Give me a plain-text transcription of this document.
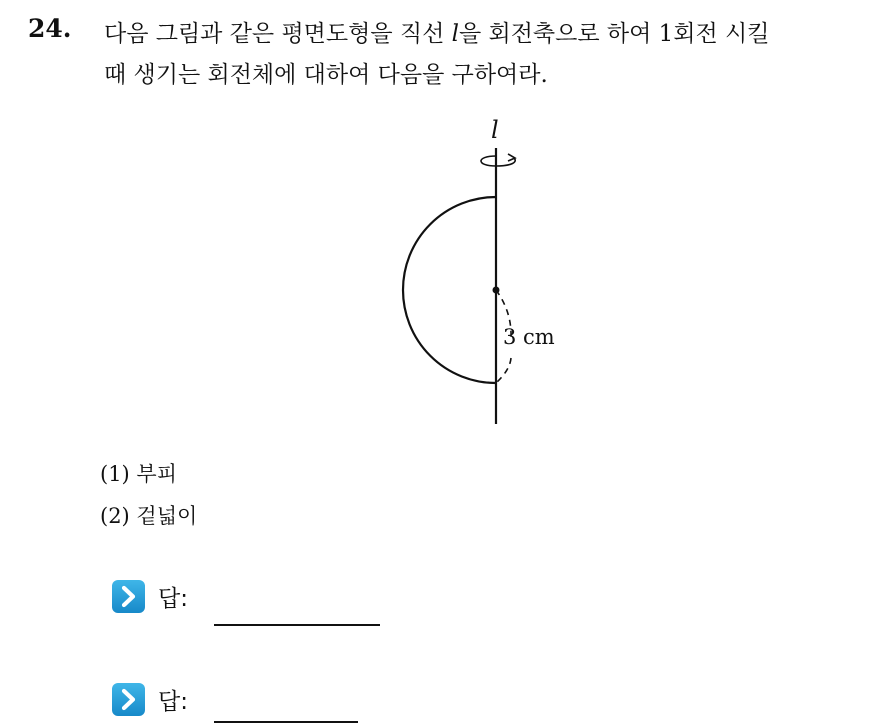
24. 다음 그림과 같은 평면도형을 직선 l을 회전축으로 하여 1회전 시킬
때 생기는 회전체에 대하여 다음을 구하여라.
l
3 cm
(1) 부피
(2) 겉넓이
답:
답:
